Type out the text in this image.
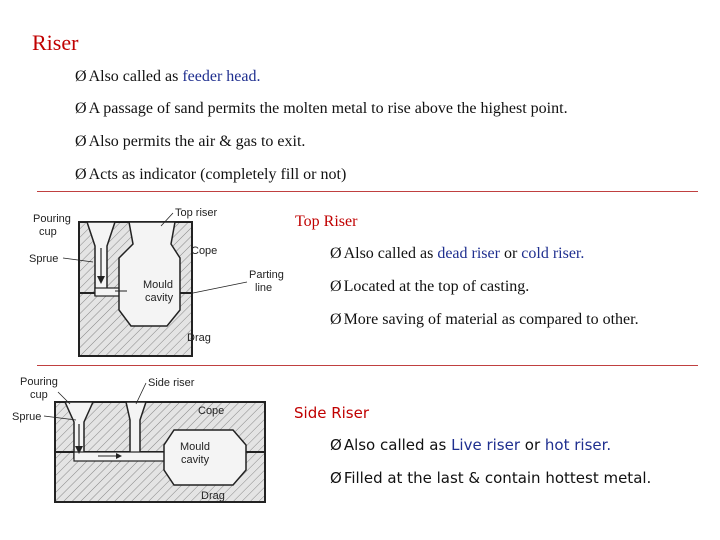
Riser
Ø Also called as feeder head.
Ø A passage of sand permits the molten metal to rise above the highest point.
Ø Also permits the air & gas to exit.
Ø Acts as indicator (completely fill or not)
Pouring
cup
Sprue
Top riser
Cope
Mould
cavity
Parting
line
Drag
Top Riser
Ø Also called as dead riser or cold riser.
Ø Located at the top of casting.
Ø More saving of material as compared to other.
Pouring
cup
Sprue
Side riser
Cope
Mould
cavity
Drag
Side Riser
Ø Also called as Live riser or hot riser.
Ø Filled at the last & contain hottest metal.
